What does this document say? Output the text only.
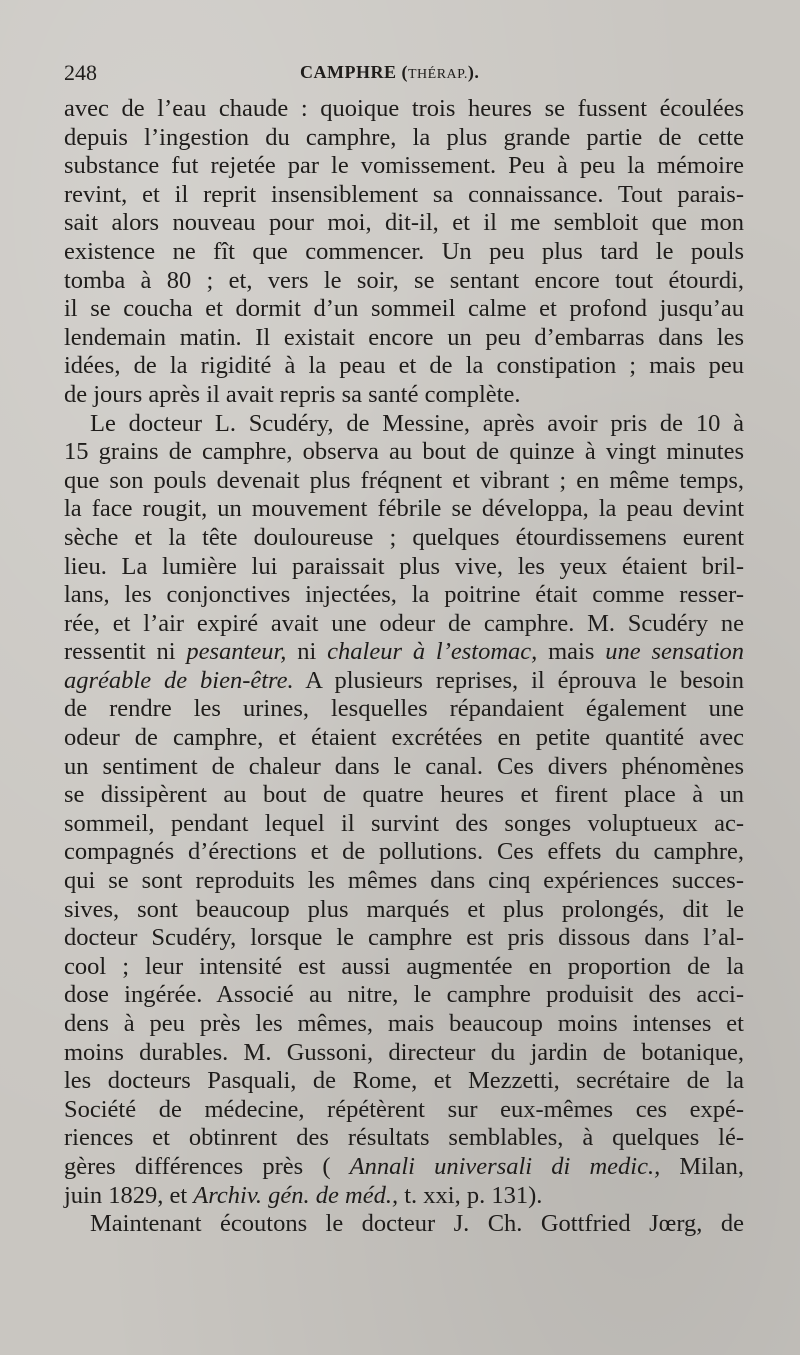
248	CAMPHRE (THÉRAP.).
avec de l’eau chaude : quoique trois heures se fussent écoulées
depuis l’ingestion du camphre, la plus grande partie de cette
substance fut rejetée par le vomissement. Peu à peu la mémoire
revint, et il reprit insensiblement sa connaissance. Tout parais-
sait alors nouveau pour moi, dit-il, et il me sembloit que mon
existence ne fît que commencer. Un peu plus tard le pouls
tomba à 80 ; et, vers le soir, se sentant encore tout étourdi,
il se coucha et dormit d’un sommeil calme et profond jusqu’au
lendemain matin. Il existait encore un peu d’embarras dans les
idées, de la rigidité à la peau et de la constipation ; mais peu
de jours après il avait repris sa santé complète.
Le docteur L. Scudéry, de Messine, après avoir pris de 10 à
15 grains de camphre, observa au bout de quinze à vingt minutes
que son pouls devenait plus fréqnent et vibrant ; en même temps,
la face rougit, un mouvement fébrile se développa, la peau devint
sèche et la tête douloureuse ; quelques étourdissemens eurent
lieu. La lumière lui paraissait plus vive, les yeux étaient bril-
lans, les conjonctives injectées, la poitrine était comme resser-
rée, et l’air expiré avait une odeur de camphre. M. Scudéry ne
ressentit ni pesanteur, ni chaleur à l’estomac, mais une sensation
agréable de bien-être. A plusieurs reprises, il éprouva le besoin
de rendre les urines, lesquelles répandaient également une
odeur de camphre, et étaient excrétées en petite quantité avec
un sentiment de chaleur dans le canal. Ces divers phénomènes
se dissipèrent au bout de quatre heures et firent place à un
sommeil, pendant lequel il survint des songes voluptueux ac-
compagnés d’érections et de pollutions. Ces effets du camphre,
qui se sont reproduits les mêmes dans cinq expériences succes-
sives, sont beaucoup plus marqués et plus prolongés, dit le
docteur Scudéry, lorsque le camphre est pris dissous dans l’al-
cool ; leur intensité est aussi augmentée en proportion de la
dose ingérée. Associé au nitre, le camphre produisit des acci-
dens à peu près les mêmes, mais beaucoup moins intenses et
moins durables. M. Gussoni, directeur du jardin de botanique,
les docteurs Pasquali, de Rome, et Mezzetti, secrétaire de la
Société de médecine, répétèrent sur eux-mêmes ces expé-
riences et obtinrent des résultats semblables, à quelques lé-
gères différences près ( Annali universali di medic., Milan,
juin 1829, et Archiv. gén. de méd., t. xxi, p. 131).
Maintenant écoutons le docteur J. Ch. Gottfried Jœrg, de
